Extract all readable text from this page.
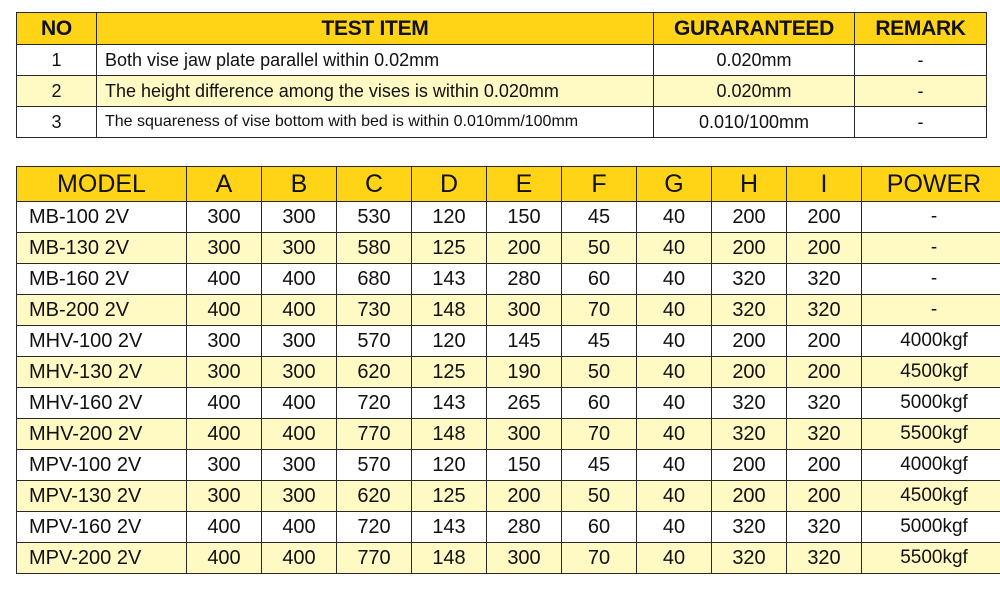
NO	TEST ITEM	GURARANTEED	REMARK
1	Both vise jaw plate parallel within 0.02mm	0.020mm	-
2	The height difference among the vises is within 0.020mm	0.020mm	-
3	The squareness of vise bottom with bed is within 0.010mm/100mm	0.010/100mm	-
MODEL	A	B	C	D	E	F	G	H	I	POWER
MB-100 2V	300	300	530	120	150	45	40	200	200	-
MB-130 2V	300	300	580	125	200	50	40	200	200	-
MB-160 2V	400	400	680	143	280	60	40	320	320	-
MB-200 2V	400	400	730	148	300	70	40	320	320	-
MHV-100 2V	300	300	570	120	145	45	40	200	200	4000kgf
MHV-130 2V	300	300	620	125	190	50	40	200	200	4500kgf
MHV-160 2V	400	400	720	143	265	60	40	320	320	5000kgf
MHV-200 2V	400	400	770	148	300	70	40	320	320	5500kgf
MPV-100 2V	300	300	570	120	150	45	40	200	200	4000kgf
MPV-130 2V	300	300	620	125	200	50	40	200	200	4500kgf
MPV-160 2V	400	400	720	143	280	60	40	320	320	5000kgf
MPV-200 2V	400	400	770	148	300	70	40	320	320	5500kgf
